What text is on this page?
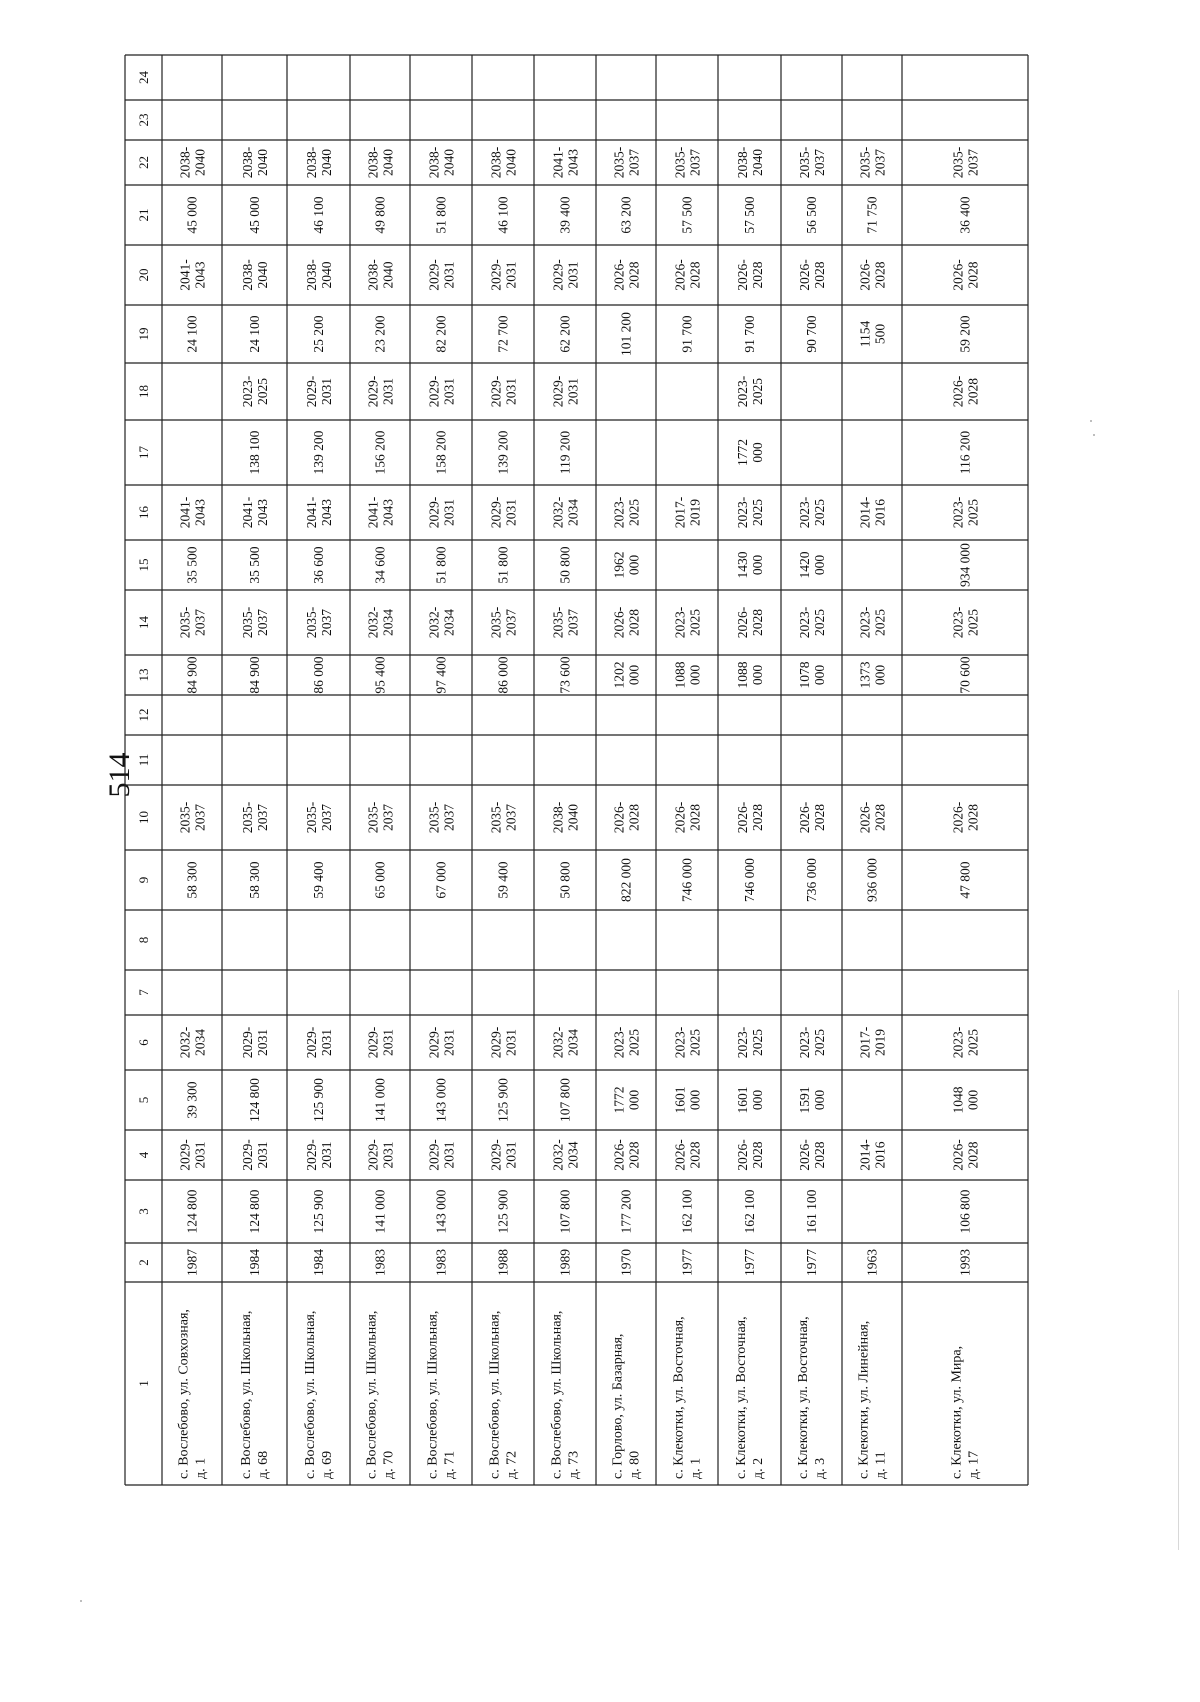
514
1
2
3
4
5
6
7
8
9
10
11
12
13
14
15
16
17
18
19
20
21
22
23
24
с. Вослебово, ул. Совхозная, д. 1
1987
124 800
2029- 2031
39 300
2032- 2034
58 300
2035- 2037
84 900
2035- 2037
35 500
2041- 2043
24 100
2041- 2043
45 000
2038- 2040
с. Вослебово, ул. Школьная, д. 68
1984
124 800
2029- 2031
124 800
2029- 2031
58 300
2035- 2037
84 900
2035- 2037
35 500
2041- 2043
138 100
2023- 2025
24 100
2038- 2040
45 000
2038- 2040
с. Вослебово, ул. Школьная, д. 69
1984
125 900
2029- 2031
125 900
2029- 2031
59 400
2035- 2037
86 000
2035- 2037
36 600
2041- 2043
139 200
2029- 2031
25 200
2038- 2040
46 100
2038- 2040
с. Вослебово, ул. Школьная, д. 70
1983
141 000
2029- 2031
141 000
2029- 2031
65 000
2035- 2037
95 400
2032- 2034
34 600
2041- 2043
156 200
2029- 2031
23 200
2038- 2040
49 800
2038- 2040
с. Вослебово, ул. Школьная, д. 71
1983
143 000
2029- 2031
143 000
2029- 2031
67 000
2035- 2037
97 400
2032- 2034
51 800
2029- 2031
158 200
2029- 2031
82 200
2029- 2031
51 800
2038- 2040
с. Вослебово, ул. Школьная, д. 72
1988
125 900
2029- 2031
125 900
2029- 2031
59 400
2035- 2037
86 000
2035- 2037
51 800
2029- 2031
139 200
2029- 2031
72 700
2029- 2031
46 100
2038- 2040
с. Вослебово, ул. Школьная, д. 73
1989
107 800
2032- 2034
107 800
2032- 2034
50 800
2038- 2040
73 600
2035- 2037
50 800
2032- 2034
119 200
2029- 2031
62 200
2029- 2031
39 400
2041- 2043
с. Горлово, ул. Базарная, д. 80
1970
177 200
2026- 2028
1772 000
2023- 2025
822 000
2026- 2028
1202 000
2026- 2028
1962 000
2023- 2025
101 200
2026- 2028
63 200
2035- 2037
с. Клекотки, ул. Восточная, д. 1
1977
162 100
2026- 2028
1601 000
2023- 2025
746 000
2026- 2028
1088 000
2023- 2025
2017- 2019
91 700
2026- 2028
57 500
2035- 2037
с. Клекотки, ул. Восточная, д. 2
1977
162 100
2026- 2028
1601 000
2023- 2025
746 000
2026- 2028
1088 000
2026- 2028
1430 000
2023- 2025
1772 000
2023- 2025
91 700
2026- 2028
57 500
2038- 2040
с. Клекотки, ул. Восточная, д. 3
1977
161 100
2026- 2028
1591 000
2023- 2025
736 000
2026- 2028
1078 000
2023- 2025
1420 000
2023- 2025
90 700
2026- 2028
56 500
2035- 2037
с. Клекотки, ул. Линейная, д. 11
1963
2014- 2016
2017- 2019
936 000
2026- 2028
1373 000
2023- 2025
2014- 2016
1154 500
2026- 2028
71 750
2035- 2037
с. Клекотки, ул. Мира, д. 17
1993
106 800
2026- 2028
1048 000
2023- 2025
47 800
2026- 2028
70 600
2023- 2025
934 000
2023- 2025
116 200
2026- 2028
59 200
2026- 2028
36 400
2035- 2037
